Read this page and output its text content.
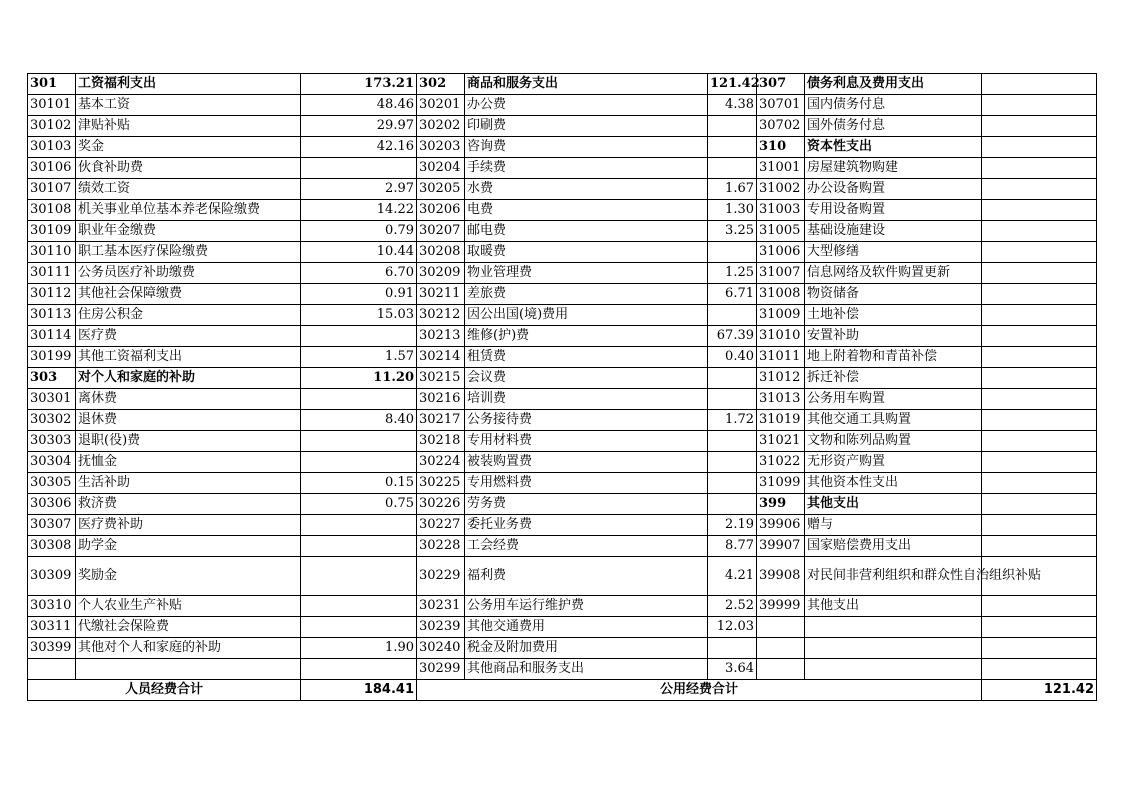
301	工资福利支出	173.21	302	商品和服务支出	121.42	307	债务利息及费用支出	
30101	基本工资	48.46	30201	办公费	4.38	30701	国内债务付息	
30102	津贴补贴	29.97	30202	印刷费		30702	国外债务付息	
30103	奖金	42.16	30203	咨询费		310	资本性支出	
30106	伙食补助费		30204	手续费		31001	房屋建筑物购建	
30107	绩效工资	2.97	30205	水费	1.67	31002	办公设备购置	
30108	机关事业单位基本养老保险缴费	14.22	30206	电费	1.30	31003	专用设备购置	
30109	职业年金缴费	0.79	30207	邮电费	3.25	31005	基础设施建设	
30110	职工基本医疗保险缴费	10.44	30208	取暖费		31006	大型修缮	
30111	公务员医疗补助缴费	6.70	30209	物业管理费	1.25	31007	信息网络及软件购置更新	
30112	其他社会保障缴费	0.91	30211	差旅费	6.71	31008	物资储备	
30113	住房公积金	15.03	30212	因公出国(境)费用		31009	土地补偿	
30114	医疗费		30213	维修(护)费	67.39	31010	安置补助	
30199	其他工资福利支出	1.57	30214	租赁费	0.40	31011	地上附着物和青苗补偿	
303	对个人和家庭的补助	11.20	30215	会议费		31012	拆迁补偿	
30301	离休费		30216	培训费		31013	公务用车购置	
30302	退休费	8.40	30217	公务接待费	1.72	31019	其他交通工具购置	
30303	退职(役)费		30218	专用材料费		31021	文物和陈列品购置	
30304	抚恤金		30224	被装购置费		31022	无形资产购置	
30305	生活补助	0.15	30225	专用燃料费		31099	其他资本性支出	
30306	救济费	0.75	30226	劳务费		399	其他支出	
30307	医疗费补助		30227	委托业务费	2.19	39906	赠与	
30308	助学金		30228	工会经费	8.77	39907	国家赔偿费用支出	
30309	奖励金		30229	福利费	4.21	39908	对民间非营利组织和群众性自治组织补贴	
30310	个人农业生产补贴		30231	公务用车运行维护费	2.52	39999	其他支出	
30311	代缴社会保险费		30239	其他交通费用	12.03			
30399	其他对个人和家庭的补助	1.90	30240	税金及附加费用				
			30299	其他商品和服务支出	3.64			
人员经费合计		184.41	公用经费合计					121.42
